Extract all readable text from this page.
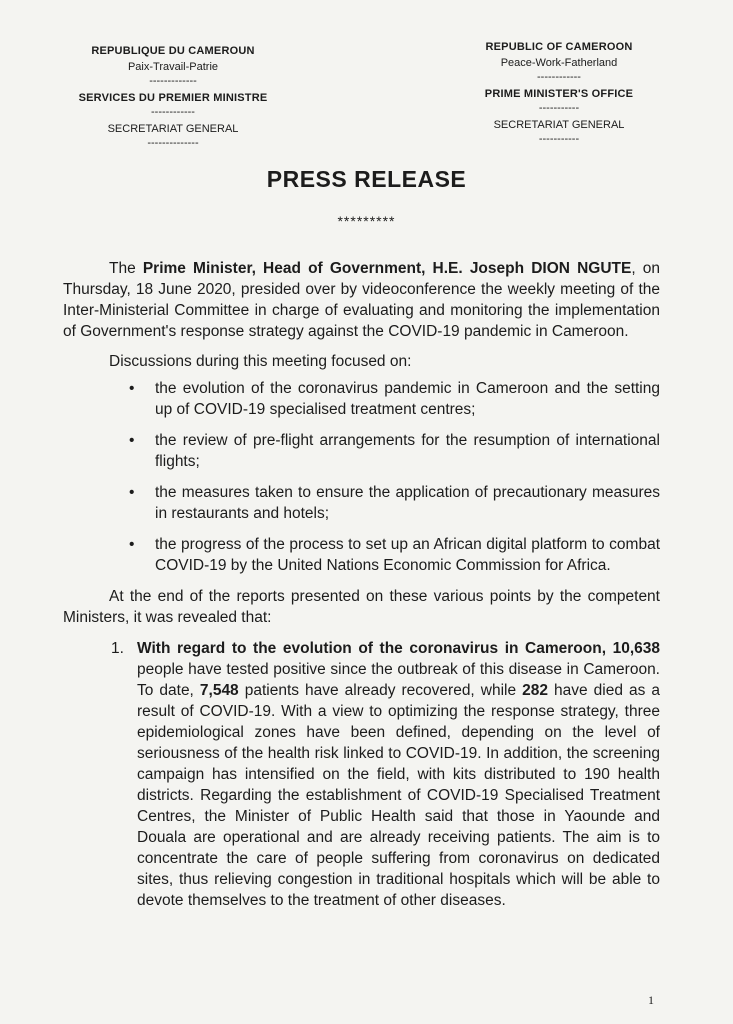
REPUBLIQUE DU CAMEROUN
Paix-Travail-Patrie
-------------
SERVICES DU PREMIER MINISTRE
------------
SECRETARIAT GENERAL
--------------
REPUBLIC OF CAMEROON
Peace-Work-Fatherland
------------
PRIME MINISTER'S OFFICE
-----------
SECRETARIAT GENERAL
-----------
PRESS RELEASE
*********

The Prime Minister, Head of Government, H.E. Joseph DION NGUTE, on Thursday, 18 June 2020, presided over by videoconference the weekly meeting of the Inter-Ministerial Committee in charge of evaluating and monitoring the implementation of Government's response strategy against the COVID-19 pandemic in Cameroon.

Discussions during this meeting focused on:
• the evolution of the coronavirus pandemic in Cameroon and the setting up of COVID-19 specialised treatment centres;
• the review of pre-flight arrangements for the resumption of international flights;
• the measures taken to ensure the application of precautionary measures in restaurants and hotels;
• the progress of the process to set up an African digital platform to combat COVID-19 by the United Nations Economic Commission for Africa.

At the end of the reports presented on these various points by the competent Ministers, it was revealed that:

1. With regard to the evolution of the coronavirus in Cameroon, 10,638 people have tested positive since the outbreak of this disease in Cameroon. To date, 7,548 patients have already recovered, while 282 have died as a result of COVID-19. With a view to optimizing the response strategy, three epidemiological zones have been defined, depending on the level of seriousness of the health risk linked to COVID-19. In addition, the screening campaign has intensified on the field, with kits distributed to 190 health districts. Regarding the establishment of COVID-19 Specialised Treatment Centres, the Minister of Public Health said that those in Yaounde and Douala are operational and are already receiving patients. The aim is to concentrate the care of people suffering from coronavirus on dedicated sites, thus relieving congestion in traditional hospitals which will be able to devote themselves to the treatment of other diseases.
1
